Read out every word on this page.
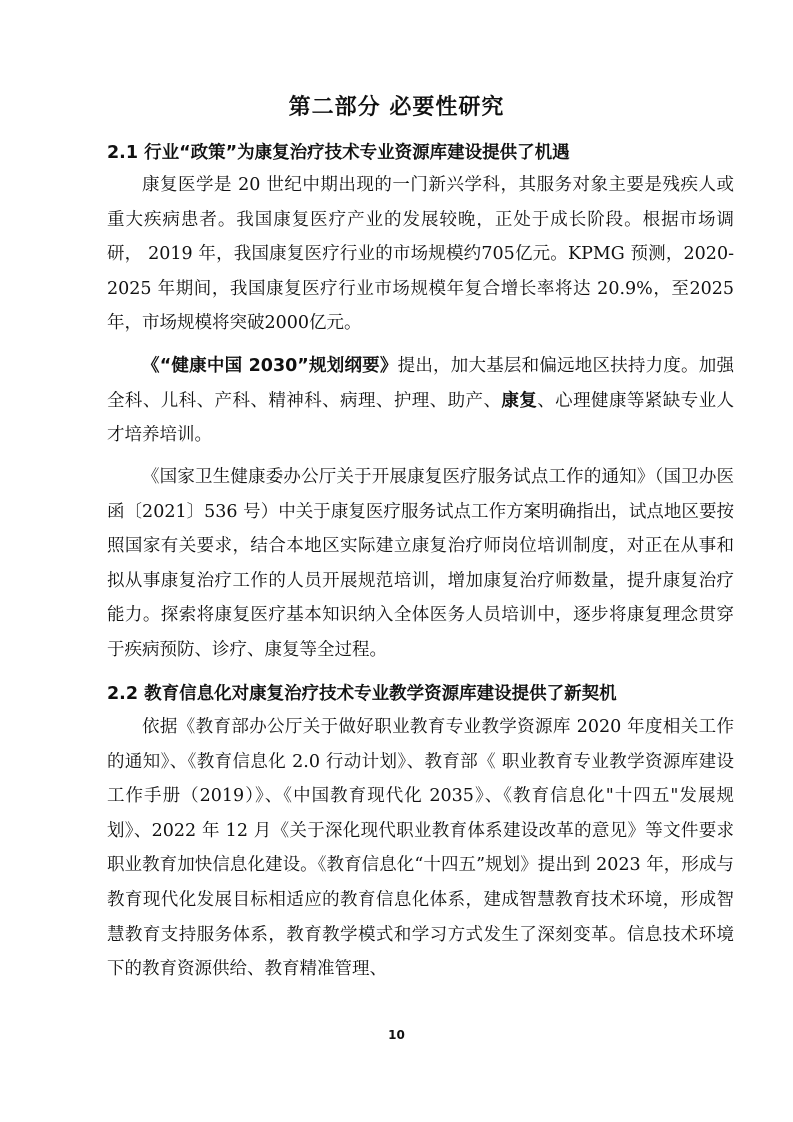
第二部分 必要性研究
2.1 行业“政策”为康复治疗技术专业资源库建设提供了机遇

康复医学是 20 世纪中期出现的一门新兴学科，其服务对象主要是残疾人或重大疾病患者。我国康复医疗产业的发展较晚，正处于成长阶段。根据市场调研， 2019 年，我国康复医疗行业的市场规模约705亿元。KPMG 预测，2020-2025 年期间，我国康复医疗行业市场规模年复合增长率将达 20.9%，至2025年，市场规模将突破2000亿元。

《“健康中国 2030”规划纲要》提出，加大基层和偏远地区扶持力度。加强全科、儿科、产科、精神科、病理、护理、助产、康复、心理健康等紧缺专业人才培养培训。

《国家卫生健康委办公厅关于开展康复医疗服务试点工作的通知》（国卫办医函〔2021〕536 号）中关于康复医疗服务试点工作方案明确指出，试点地区要按照国家有关要求，结合本地区实际建立康复治疗师岗位培训制度，对正在从事和拟从事康复治疗工作的人员开展规范培训，增加康复治疗师数量，提升康复治疗能力。探索将康复医疗基本知识纳入全体医务人员培训中，逐步将康复理念贯穿于疾病预防、诊疗、康复等全过程。

2.2 教育信息化对康复治疗技术专业教学资源库建设提供了新契机

依据《教育部办公厅关于做好职业教育专业教学资源库 2020 年度相关工作的通知》、《教育信息化 2.0 行动计划》、教育部《 职业教育专业教学资源库建设工作手册（2019）》、《中国教育现代化 2035》、《教育信息化"十四五"发展规划》、2022 年 12 月《关于深化现代职业教育体系建设改革的意见》等文件要求职业教育加快信息化建设。《教育信息化“十四五”规划》提出到 2023 年，形成与教育现代化发展目标相适应的教育信息化体系，建成智慧教育技术环境，形成智慧教育支持服务体系，教育教学模式和学习方式发生了深刻变革。信息技术环境下的教育资源供给、教育精准管理、

10
